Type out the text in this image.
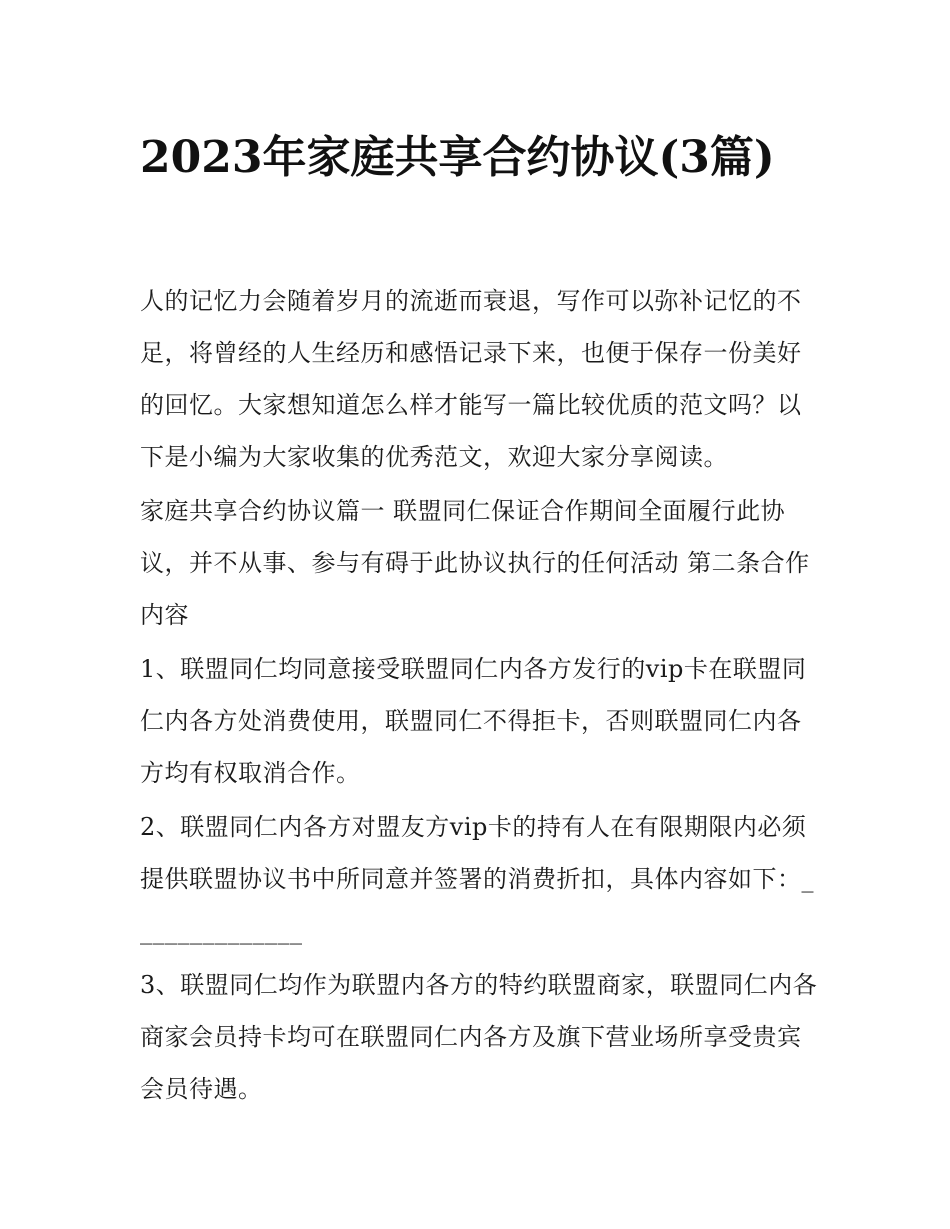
2023年家庭共享合约协议(3篇)

人的记忆力会随着岁月的流逝而衰退，写作可以弥补记忆的不足，将曾经的人生经历和感悟记录下来，也便于保存一份美好的回忆。大家想知道怎么样才能写一篇比较优质的范文吗？以下是小编为大家收集的优秀范文，欢迎大家分享阅读。

家庭共享合约协议篇一 联盟同仁保证合作期间全面履行此协议，并不从事、参与有碍于此协议执行的任何活动 第二条合作内容

1、联盟同仁均同意接受联盟同仁内各方发行的vip卡在联盟同仁内各方处消费使用，联盟同仁不得拒卡，否则联盟同仁内各方均有权取消合作。

2、联盟同仁内各方对盟友方vip卡的持有人在有限期限内必须提供联盟协议书中所同意并签署的消费折扣，具体内容如下：______________

3、联盟同仁均作为联盟内各方的特约联盟商家，联盟同仁内各商家会员持卡均可在联盟同仁内各方及旗下营业场所享受贵宾会员待遇。
